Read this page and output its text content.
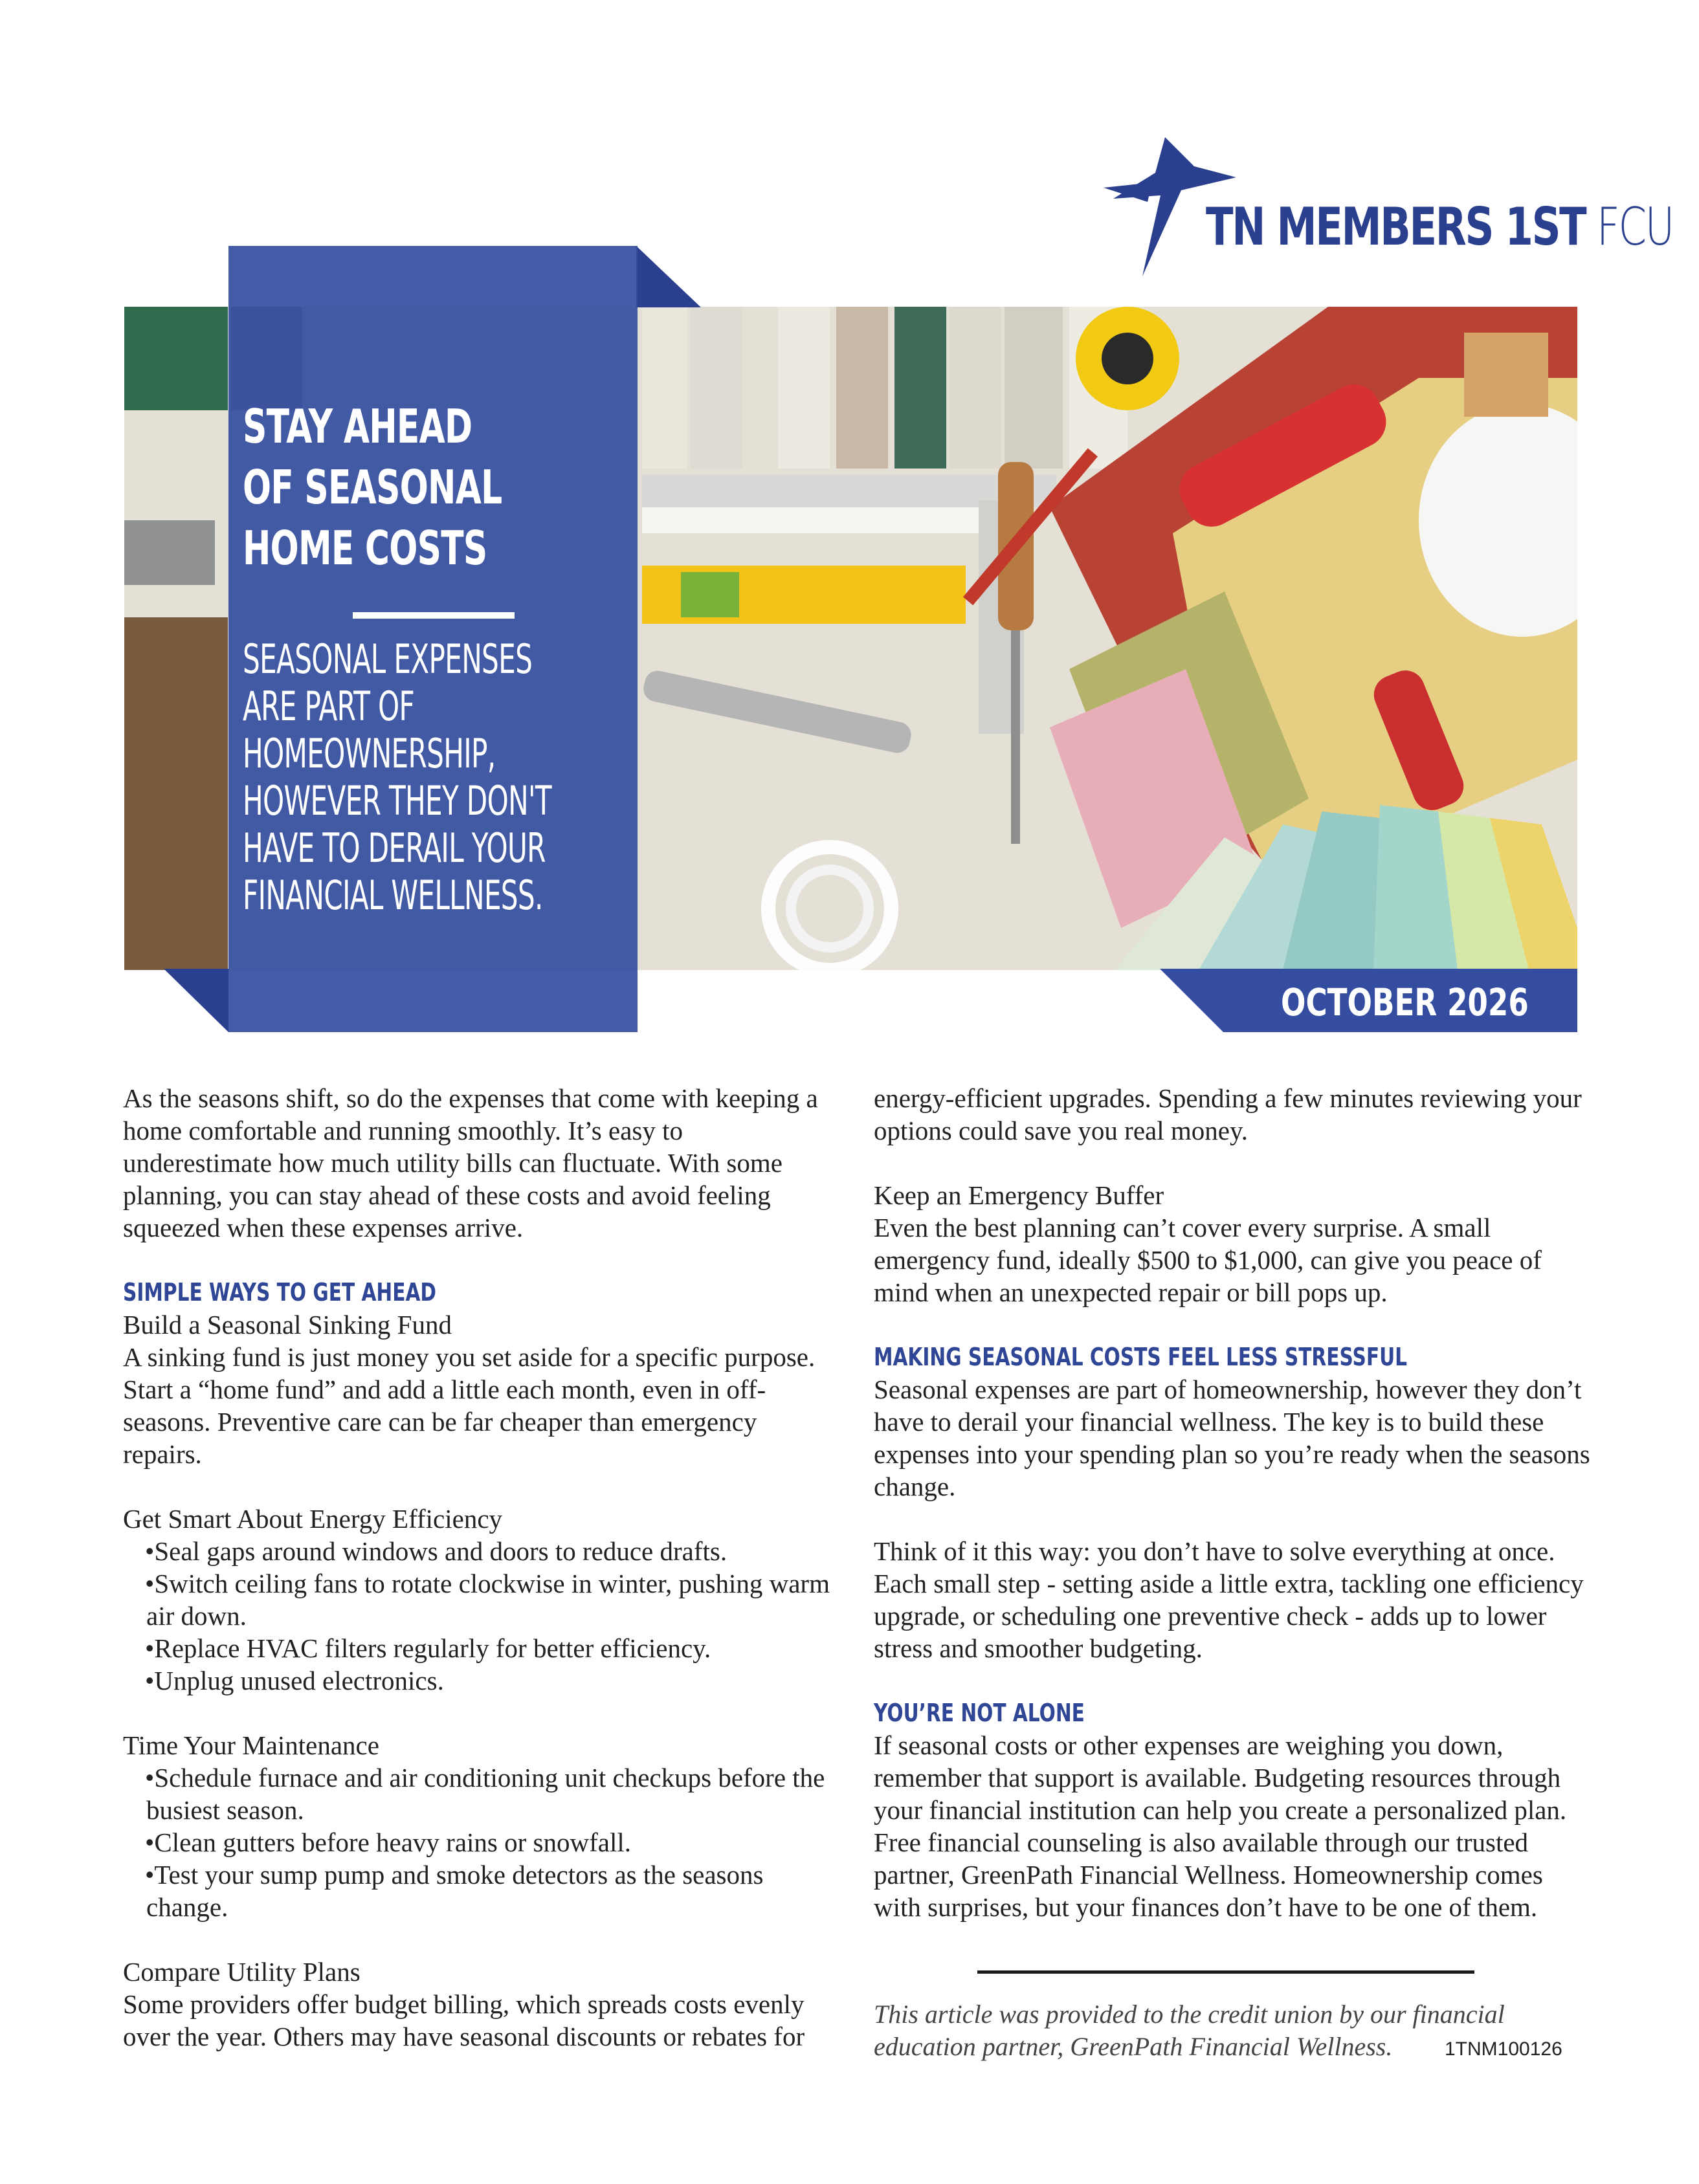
TN MEMBERS 1ST FCU
STAY AHEAD
OF SEASONAL
HOME COSTS
SEASONAL EXPENSES ARE PART OF HOMEOWNERSHIP, HOWEVER THEY DON'T HAVE TO DERAIL YOUR FINANCIAL WELLNESS.
OCTOBER 2026

As the seasons shift, so do the expenses that come with keeping a home comfortable and running smoothly. It’s easy to underestimate how much utility bills can fluctuate. With some planning, you can stay ahead of these costs and avoid feeling squeezed when these expenses arrive.

SIMPLE WAYS TO GET AHEAD

Build a Seasonal Sinking Fund

A sinking fund is just money you set aside for a specific purpose. Start a “home fund” and add a little each month, even in off-seasons. Preventive care can be far cheaper than emergency repairs.

Get Smart About Energy Efficiency

• Seal gaps around windows and doors to reduce drafts.
• Switch ceiling fans to rotate clockwise in winter, pushing warm air down.
• Replace HVAC filters regularly for better efficiency.
• Unplug unused electronics.

Time Your Maintenance

• Schedule furnace and air conditioning unit checkups before the busiest season.
• Clean gutters before heavy rains or snowfall.
• Test your sump pump and smoke detectors as the seasons change.

Compare Utility Plans

Some providers offer budget billing, which spreads costs evenly over the year. Others may have seasonal discounts or rebates for

energy-efficient upgrades. Spending a few minutes reviewing your options could save you real money.

Keep an Emergency Buffer

Even the best planning can’t cover every surprise. A small emergency fund, ideally $500 to $1,000, can give you peace of mind when an unexpected repair or bill pops up.

MAKING SEASONAL COSTS FEEL LESS STRESSFUL

Seasonal expenses are part of homeownership, however they don’t have to derail your financial wellness. The key is to build these expenses into your spending plan so you’re ready when the seasons change.

Think of it this way: you don’t have to solve everything at once. Each small step - setting aside a little extra, tackling one efficiency upgrade, or scheduling one preventive check - adds up to lower stress and smoother budgeting.

YOU’RE NOT ALONE

If seasonal costs or other expenses are weighing you down, remember that support is available. Budgeting resources through your financial institution can help you create a personalized plan. Free financial counseling is also available through our trusted partner, GreenPath Financial Wellness. Homeownership comes with surprises, but your finances don’t have to be one of them.

This article was provided to the credit union by our financial education partner, GreenPath Financial Wellness.	1TNM100126
